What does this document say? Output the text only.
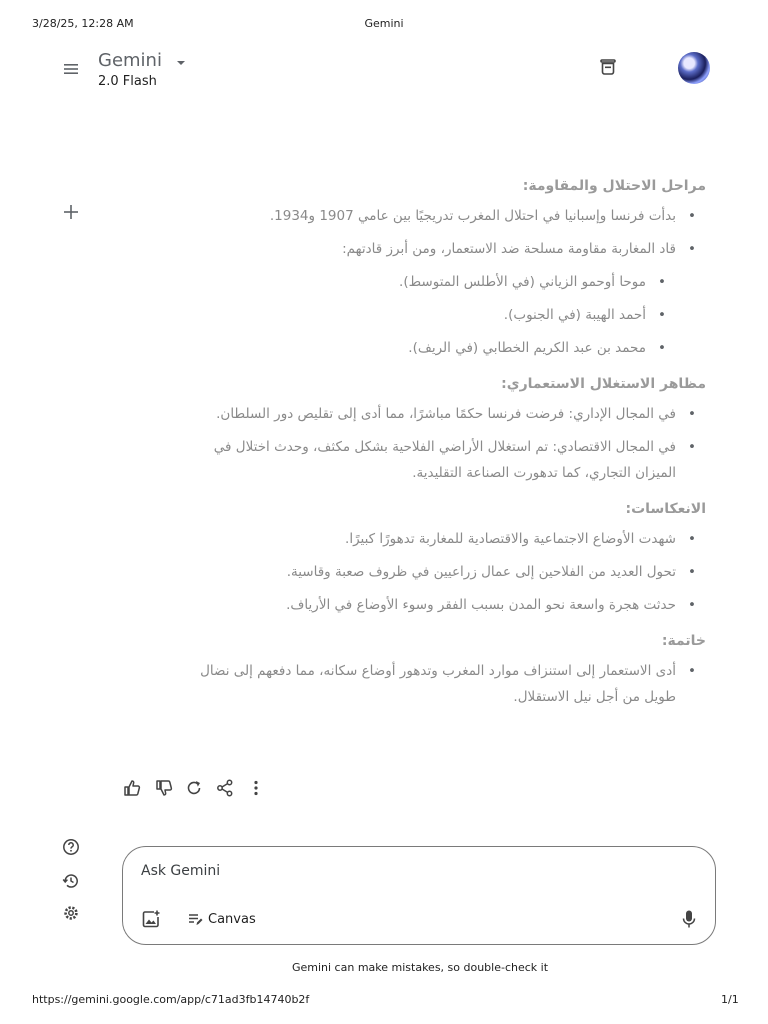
3/28/25, 12:28 AM	Gemini
Gemini
2.0 Flash
مراحل الاحتلال والمقاومة:
• بدأت فرنسا وإسبانيا في احتلال المغرب تدريجيًا بين عامي 1907 و1934.
• قاد المغاربة مقاومة مسلحة ضد الاستعمار، ومن أبرز قادتهم:
• موحا أوحمو الزياني (في الأطلس المتوسط).
• أحمد الهيبة (في الجنوب).
• محمد بن عبد الكريم الخطابي (في الريف).
مظاهر الاستغلال الاستعماري:
• في المجال الإداري: فرضت فرنسا حكمًا مباشرًا، مما أدى إلى تقليص دور السلطان.
• في المجال الاقتصادي: تم استغلال الأراضي الفلاحية بشكل مكثف، وحدث اختلال في الميزان التجاري، كما تدهورت الصناعة التقليدية.
الانعكاسات:
• شهدت الأوضاع الاجتماعية والاقتصادية للمغاربة تدهورًا كبيرًا.
• تحول العديد من الفلاحين إلى عمال زراعيين في ظروف صعبة وقاسية.
• حدثت هجرة واسعة نحو المدن بسبب الفقر وسوء الأوضاع في الأرياف.
خاتمة:
• أدى الاستعمار إلى استنزاف موارد المغرب وتدهور أوضاع سكانه، مما دفعهم إلى نضال طويل من أجل نيل الاستقلال.
Ask Gemini
Canvas
Gemini can make mistakes, so double-check it
https://gemini.google.com/app/c71ad3fb14740b2f	1/1
